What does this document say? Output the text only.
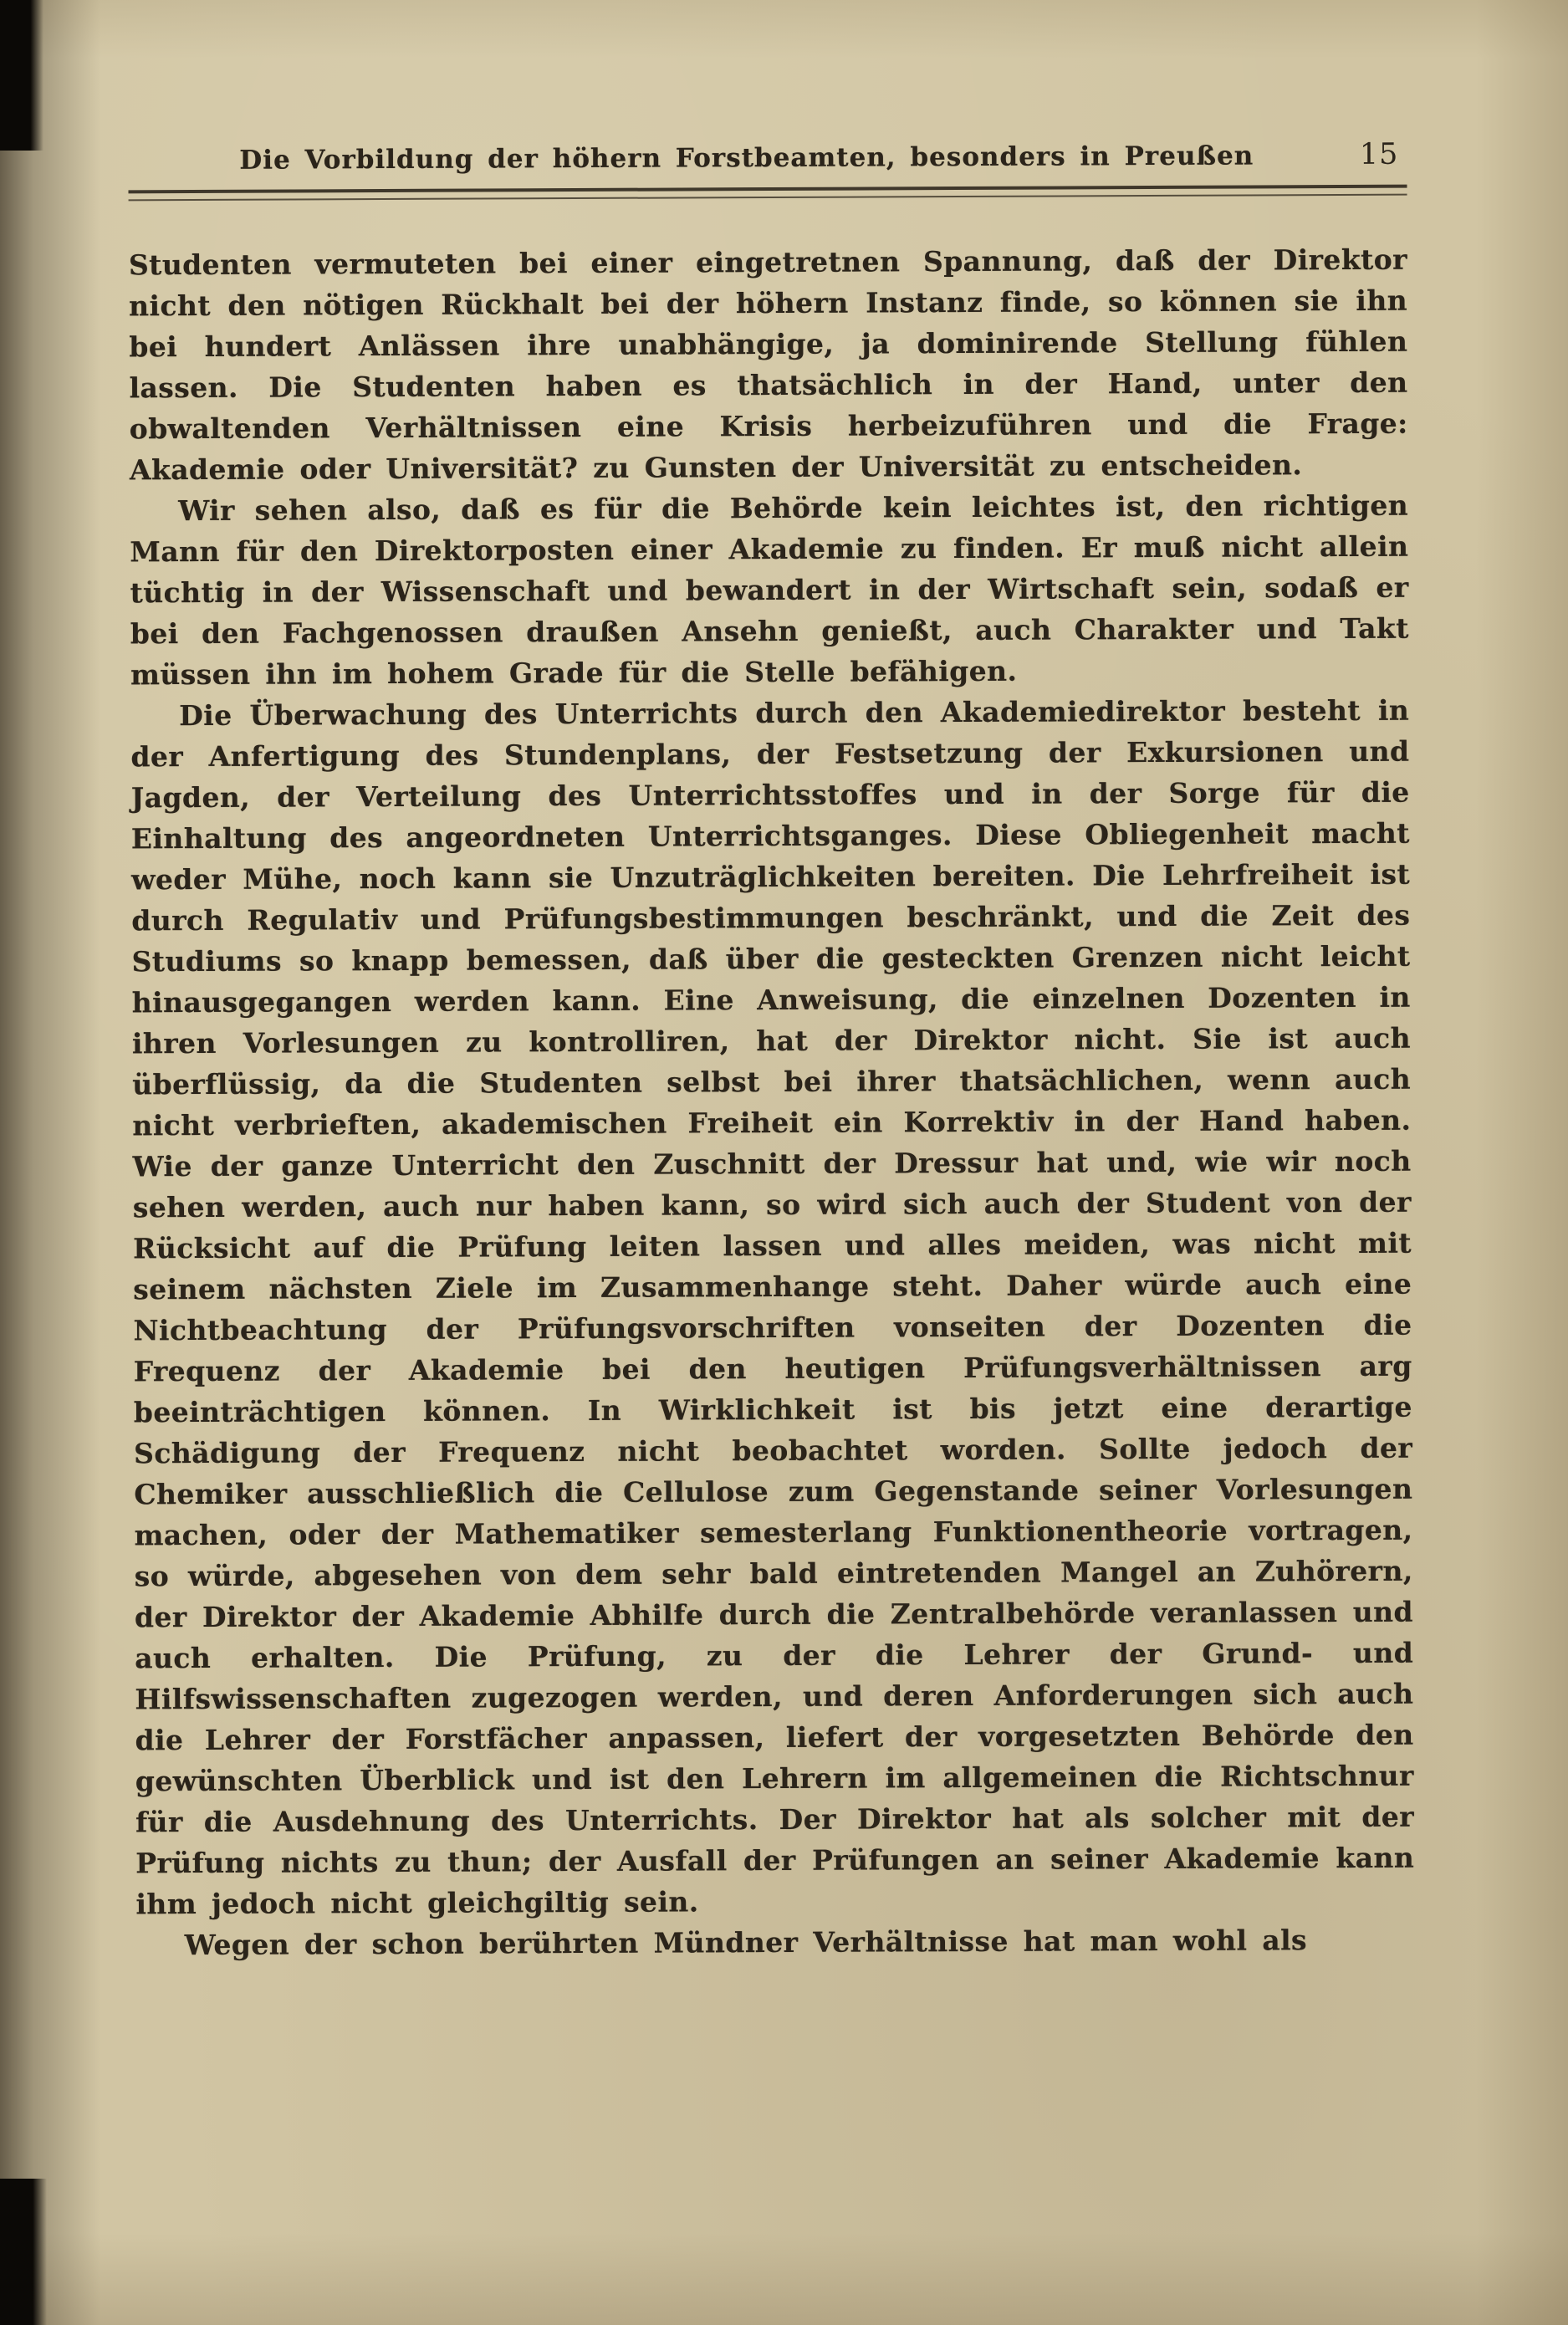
Die Vorbildung der höhern Forstbeamten, besonders in Preußen	15

Studenten vermuteten bei einer eingetretnen Spannung, daß der Direktor nicht den nötigen Rückhalt bei der höhern Instanz finde, so können sie ihn bei hundert Anlässen ihre unabhängige, ja dominirende Stellung fühlen lassen. Die Studenten haben es thatsächlich in der Hand, unter den obwaltenden Verhältnissen eine Krisis herbeizuführen und die Frage: Akademie oder Universität? zu Gunsten der Universität zu entscheiden.

Wir sehen also, daß es für die Behörde kein leichtes ist, den richtigen Mann für den Direktorposten einer Akademie zu finden. Er muß nicht allein tüchtig in der Wissenschaft und bewandert in der Wirtschaft sein, sodaß er bei den Fachgenossen draußen Ansehn genießt, auch Charakter und Takt müssen ihn im hohem Grade für die Stelle befähigen.

Die Überwachung des Unterrichts durch den Akademiedirektor besteht in der Anfertigung des Stundenplans, der Festsetzung der Exkursionen und Jagden, der Verteilung des Unterrichtsstoffes und in der Sorge für die Einhaltung des angeordneten Unterrichtsganges. Diese Obliegenheit macht weder Mühe, noch kann sie Unzuträglichkeiten bereiten. Die Lehrfreiheit ist durch Regulativ und Prüfungsbestimmungen beschränkt, und die Zeit des Studiums so knapp bemessen, daß über die gesteckten Grenzen nicht leicht hinausgegangen werden kann. Eine Anweisung, die einzelnen Dozenten in ihren Vorlesungen zu kontrolliren, hat der Direktor nicht. Sie ist auch überflüssig, da die Studenten selbst bei ihrer thatsächlichen, wenn auch nicht verbrieften, akademischen Freiheit ein Korrektiv in der Hand haben. Wie der ganze Unterricht den Zuschnitt der Dressur hat und, wie wir noch sehen werden, auch nur haben kann, so wird sich auch der Student von der Rücksicht auf die Prüfung leiten lassen und alles meiden, was nicht mit seinem nächsten Ziele im Zusammenhange steht. Daher würde auch eine Nichtbeachtung der Prüfungsvorschriften vonseiten der Dozenten die Frequenz der Akademie bei den heutigen Prüfungsverhältnissen arg beeinträchtigen können. In Wirklichkeit ist bis jetzt eine derartige Schädigung der Frequenz nicht beobachtet worden. Sollte jedoch der Chemiker ausschließlich die Cellulose zum Gegenstande seiner Vorlesungen machen, oder der Mathematiker semesterlang Funktionentheorie vortragen, so würde, abgesehen von dem sehr bald eintretenden Mangel an Zuhörern, der Direktor der Akademie Abhilfe durch die Zentralbehörde veranlassen und auch erhalten. Die Prüfung, zu der die Lehrer der Grund- und Hilfswissenschaften zugezogen werden, und deren Anforderungen sich auch die Lehrer der Forstfächer anpassen, liefert der vorgesetzten Behörde den gewünschten Überblick und ist den Lehrern im allgemeinen die Richtschnur für die Ausdehnung des Unterrichts. Der Direktor hat als solcher mit der Prüfung nichts zu thun; der Ausfall der Prüfungen an seiner Akademie kann ihm jedoch nicht gleichgiltig sein.

Wegen der schon berührten Mündner Verhältnisse hat man wohl als
